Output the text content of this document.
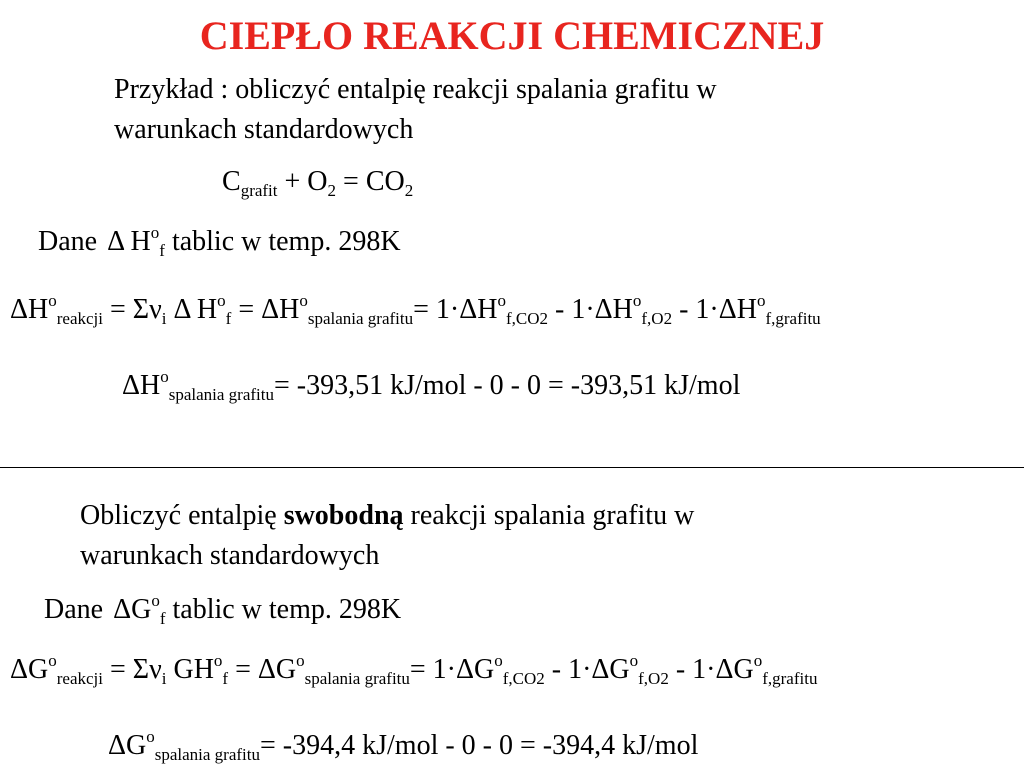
CIEPŁO REAKCJI CHEMICZNEJ
Przykład : obliczyć entalpię reakcji spalania grafitu w
warunkach standardowych
$C_{grafit} + O_2 = CO_2$
Dane Δ $H^o_f$ tablic w temp. 298K
$\Delta H^o_{reakcji} = \Sigma\nu_i$ Δ $H^o_f = \Delta H^o_{spalania grafitu}= 1\cdot\Delta H^o_{f,CO2} - 1\cdot\Delta H^o_{f,O2} - 1\cdot\Delta H^o_{f,grafitu}$
$\Delta H^o_{spalania grafitu}= -393,51$ kJ/mol - 0 - 0 = -393,51 kJ/mol
Obliczyć entalpię swobodną reakcji spalania grafitu w
warunkach standardowych
Dane $\Delta G^o_f$ tablic w temp. 298K
$\Delta G^o_{reakcji} = \Sigma\nu_i$ $GH^o_f = \Delta G^o_{spalania grafitu}= 1\cdot\Delta G^o_{f,CO2} - 1\cdot\Delta G^o_{f,O2} - 1\cdot\Delta G^o_{f,grafitu}$
$\Delta G^o_{spalania grafitu}= -394,4$ kJ/mol - 0 - 0 = -394,4 kJ/mol
